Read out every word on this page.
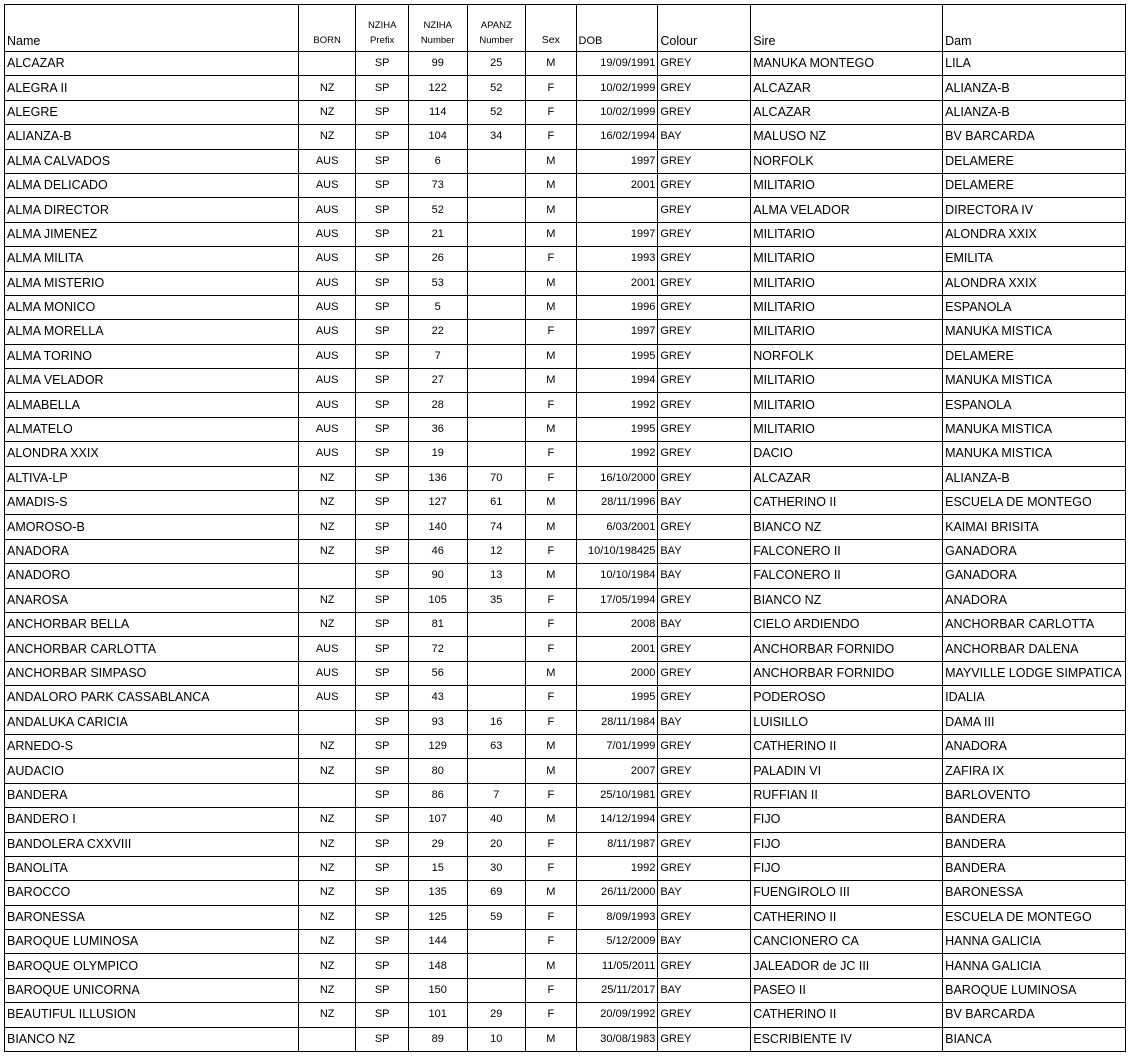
Name	BORN	NZIHA Prefix	NZIHA Number	APANZ Number	Sex	DOB	Colour	Sire	Dam
ALCAZAR		SP	99	25	M	19/09/1991	GREY	MANUKA MONTEGO	LILA
ALEGRA II	NZ	SP	122	52	F	10/02/1999	GREY	ALCAZAR	ALIANZA-B
ALEGRE	NZ	SP	114	52	F	10/02/1999	GREY	ALCAZAR	ALIANZA-B
ALIANZA-B	NZ	SP	104	34	F	16/02/1994	BAY	MALUSO NZ	BV BARCARDA
ALMA CALVADOS	AUS	SP	6		M	1997	GREY	NORFOLK	DELAMERE
ALMA DELICADO	AUS	SP	73		M	2001	GREY	MILITARIO	DELAMERE
ALMA DIRECTOR	AUS	SP	52		M		GREY	ALMA VELADOR	DIRECTORA IV
ALMA JIMENEZ	AUS	SP	21		M	1997	GREY	MILITARIO	ALONDRA XXIX
ALMA MILITA	AUS	SP	26		F	1993	GREY	MILITARIO	EMILITA
ALMA MISTERIO	AUS	SP	53		M	2001	GREY	MILITARIO	ALONDRA XXIX
ALMA MONICO	AUS	SP	5		M	1996	GREY	MILITARIO	ESPANOLA
ALMA MORELLA	AUS	SP	22		F	1997	GREY	MILITARIO	MANUKA MISTICA
ALMA TORINO	AUS	SP	7		M	1995	GREY	NORFOLK	DELAMERE
ALMA VELADOR	AUS	SP	27		M	1994	GREY	MILITARIO	MANUKA MISTICA
ALMABELLA	AUS	SP	28		F	1992	GREY	MILITARIO	ESPANOLA
ALMATELO	AUS	SP	36		M	1995	GREY	MILITARIO	MANUKA MISTICA
ALONDRA XXIX	AUS	SP	19		F	1992	GREY	DACIO	MANUKA MISTICA
ALTIVA-LP	NZ	SP	136	70	F	16/10/2000	GREY	ALCAZAR	ALIANZA-B
AMADIS-S	NZ	SP	127	61	M	28/11/1996	BAY	CATHERINO II	ESCUELA DE MONTEGO
AMOROSO-B	NZ	SP	140	74	M	6/03/2001	GREY	BIANCO NZ	KAIMAI BRISITA
ANADORA	NZ	SP	46	12	F	10/10/198425	BAY	FALCONERO II	GANADORA
ANADORO		SP	90	13	M	10/10/1984	BAY	FALCONERO II	GANADORA
ANAROSA	NZ	SP	105	35	F	17/05/1994	GREY	BIANCO NZ	ANADORA
ANCHORBAR BELLA	NZ	SP	81		F	2008	BAY	CIELO ARDIENDO	ANCHORBAR CARLOTTA
ANCHORBAR CARLOTTA	AUS	SP	72		F	2001	GREY	ANCHORBAR FORNIDO	ANCHORBAR DALENA
ANCHORBAR SIMPASO	AUS	SP	56		M	2000	GREY	ANCHORBAR FORNIDO	MAYVILLE LODGE SIMPATICA
ANDALORO PARK CASSABLANCA	AUS	SP	43		F	1995	GREY	PODEROSO	IDALIA
ANDALUKA CARICIA		SP	93	16	F	28/11/1984	BAY	LUISILLO	DAMA III
ARNEDO-S	NZ	SP	129	63	M	7/01/1999	GREY	CATHERINO II	ANADORA
AUDACIO	NZ	SP	80		M	2007	GREY	PALADIN VI	ZAFIRA IX
BANDERA		SP	86	7	F	25/10/1981	GREY	RUFFIAN II	BARLOVENTO
BANDERO I	NZ	SP	107	40	M	14/12/1994	GREY	FIJO	BANDERA
BANDOLERA CXXVIII	NZ	SP	29	20	F	8/11/1987	GREY	FIJO	BANDERA
BANOLITA	NZ	SP	15	30	F	1992	GREY	FIJO	BANDERA
BAROCCO	NZ	SP	135	69	M	26/11/2000	BAY	FUENGIROLO III	BARONESSA
BARONESSA	NZ	SP	125	59	F	8/09/1993	GREY	CATHERINO II	ESCUELA DE MONTEGO
BAROQUE LUMINOSA	NZ	SP	144		F	5/12/2009	BAY	CANCIONERO CA	HANNA GALICIA
BAROQUE OLYMPICO	NZ	SP	148		M	11/05/2011	GREY	JALEADOR de JC III	HANNA GALICIA
BAROQUE UNICORNA	NZ	SP	150		F	25/11/2017	BAY	PASEO II	BAROQUE LUMINOSA
BEAUTIFUL ILLUSION	NZ	SP	101	29	F	20/09/1992	GREY	CATHERINO II	BV BARCARDA
BIANCO NZ		SP	89	10	M	30/08/1983	GREY	ESCRIBIENTE IV	BIANCA
